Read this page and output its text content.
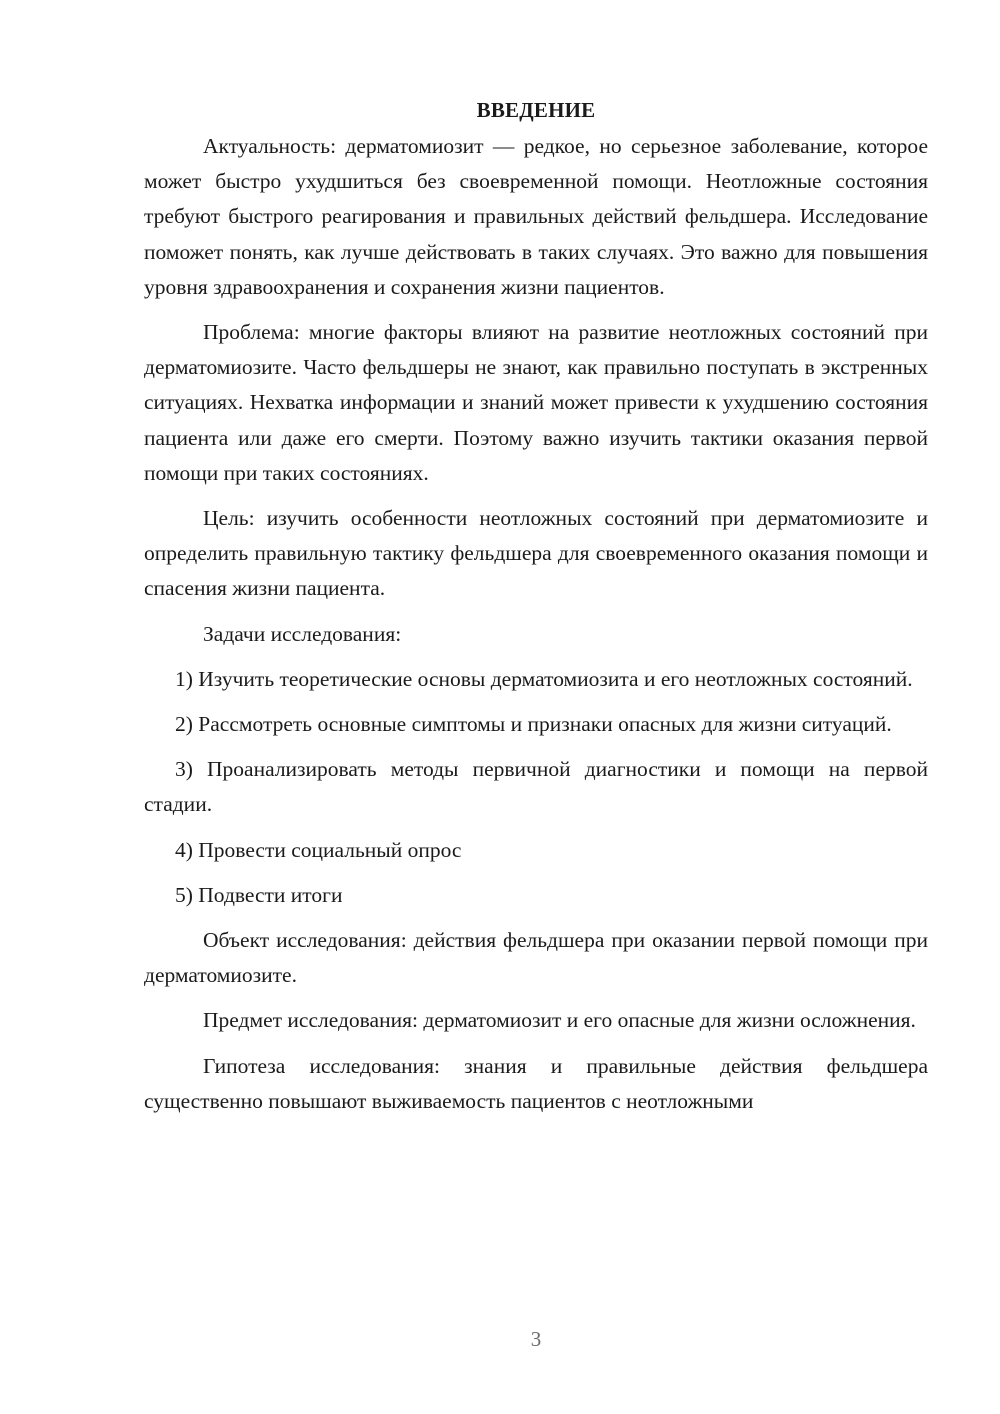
ВВЕДЕНИЕ

Актуальность: дерматомиозит — редкое, но серьезное заболевание, которое может быстро ухудшиться без своевременной помощи. Неотложные состояния требуют быстрого реагирования и правильных действий фельдшера. Исследование поможет понять, как лучше действовать в таких случаях. Это важно для повышения уровня здравоохранения и сохранения жизни пациентов.

Проблема: многие факторы влияют на развитие неотложных состояний при дерматомиозите. Часто фельдшеры не знают, как правильно поступать в экстренных ситуациях. Нехватка информации и знаний может привести к ухудшению состояния пациента или даже его смерти. Поэтому важно изучить тактики оказания первой помощи при таких состояниях.

Цель: изучить особенности неотложных состояний при дерматомиозите и определить правильную тактику фельдшера для своевременного оказания помощи и спасения жизни пациента.

Задачи исследования:

1) Изучить теоретические основы дерматомиозита и его неотложных состояний.

2) Рассмотреть основные симптомы и признаки опасных для жизни ситуаций.

3) Проанализировать методы первичной диагностики и помощи на первой стадии.

4) Провести социальный опрос

5) Подвести итоги

Объект исследования: действия фельдшера при оказании первой помощи при дерматомиозите.

Предмет исследования: дерматомиозит и его опасные для жизни осложнения.

Гипотеза исследования: знания и правильные действия фельдшера существенно повышают выживаемость пациентов с неотложными

3
